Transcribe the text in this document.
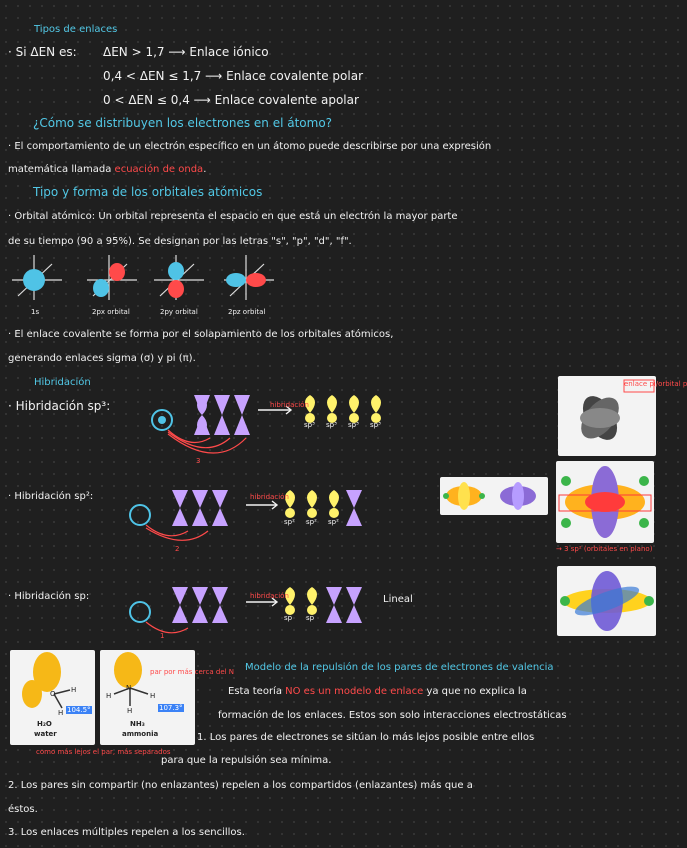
Tipos de enlaces
· Si ΔEN es: ΔEN > 1,7 ⟶ Enlace iónico
0,4 < ΔEN ≤ 1,7 ⟶ Enlace covalente polar
0 < ΔEN ≤ 0,4 ⟶ Enlace covalente apolar
¿Cómo se distribuyen los electrones en el átomo?
· El comportamiento de un electrón específico en un átomo puede describirse por una expresión
matemática llamada ecuación de onda.
Tipo y forma de los orbitales atómicos
· Orbital atómico: Un orbital representa el espacio en que está un electrón la mayor parte
de su tiempo (90 a 95%). Se designan por las letras "s", "p", "d", "f".
1s	2px orbital	2py orbital	2pz orbital
· El enlace covalente se forma por el solapamiento de los orbitales atómicos,
generando enlaces sigma (σ) y pi (π).
Hibridación
· Hibridación sp³:	hibridación
sp³ sp³ sp³ sp³
3
· Hibridación sp²:	hibridación
sp² sp² sp²
2
· Hibridación sp:	hibridación
sp sp
Lineal
1
enlace pi/orbital p
→ 3 sp² (orbitales en plano)
O H
H 104.5°
H₂O
water
N
H	H
H	107.3°
NH₃
ammonia
par por más cerca del N
como más lejos el par, más separados
Modelo de la repulsión de los pares de electrones de valencia
Esta teoría NO es un modelo de enlace ya que no explica la
formación de los enlaces. Estos son solo interacciones electrostáticas
1. Los pares de electrones se sitúan lo más lejos posible entre ellos
para que la repulsión sea mínima.
2. Los pares sin compartir (no enlazantes) repelen a los compartidos (enlazantes) más que a
éstos.
3. Los enlaces múltiples repelen a los sencillos.
